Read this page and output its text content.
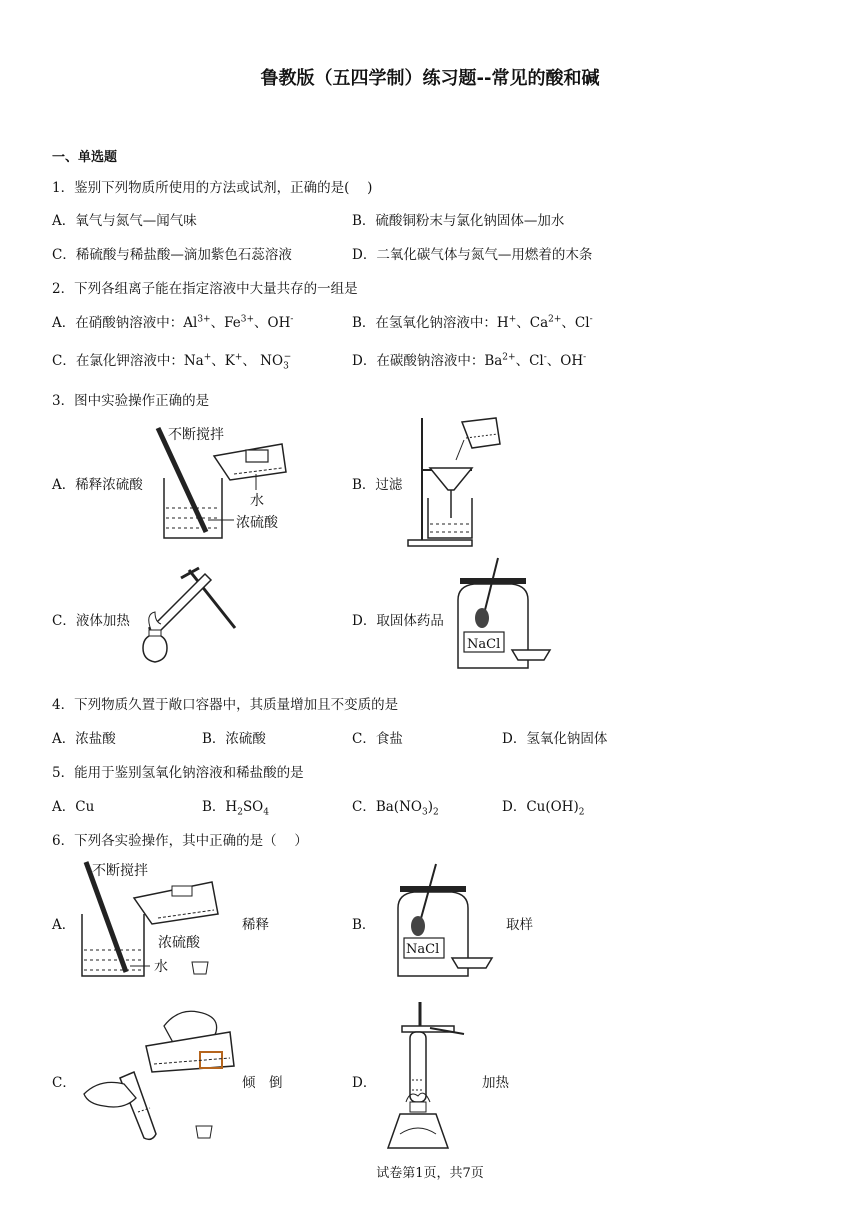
鲁教版（五四学制）练习题--常见的酸和碱
一、单选题
1．鉴别下列物质所使用的方法或试剂，正确的是(　 )
A．氧气与氮气—闻气味	B．硫酸铜粉末与氯化钠固体—加水
C．稀硫酸与稀盐酸—滴加紫色石蕊溶液	D．二氧化碳气体与氮气—用燃着的木条
2．下列各组离子能在指定溶液中大量共存的一组是
A．在硝酸钠溶液中：$Al^{3+}$、$Fe^{3+}$、OH-	B．在氢氧化钠溶液中：H+、$Ca^{2+}$、Cl-
C．在氯化钾溶液中：Na+、K+、 $NO_3^-$	D．在碳酸钠溶液中：$Ba^{2+}$、Cl-、OH-
3．图中实验操作正确的是
A．稀释浓硫酸	B．过滤
C．液体加热	D．取固体药品
不断搅拌
水
浓硫酸
NaCl
4．下列物质久置于敞口容器中，其质量增加且不变质的是
A．浓盐酸	B．浓硫酸	C．食盐	D．氢氧化钠固体
5．能用于鉴别氢氧化钠溶液和稀盐酸的是
A．Cu	B．$H_2SO_4$	C．$Ba(NO_3)_2$	D．$Cu(OH)_2$
6．下列各实验操作，其中正确的是（　 ）
A．	稀释	B．	取样
C．	倾　倒	D．	加热
不断搅拌
浓硫酸
水
NaCl
试卷第1页，共7页
